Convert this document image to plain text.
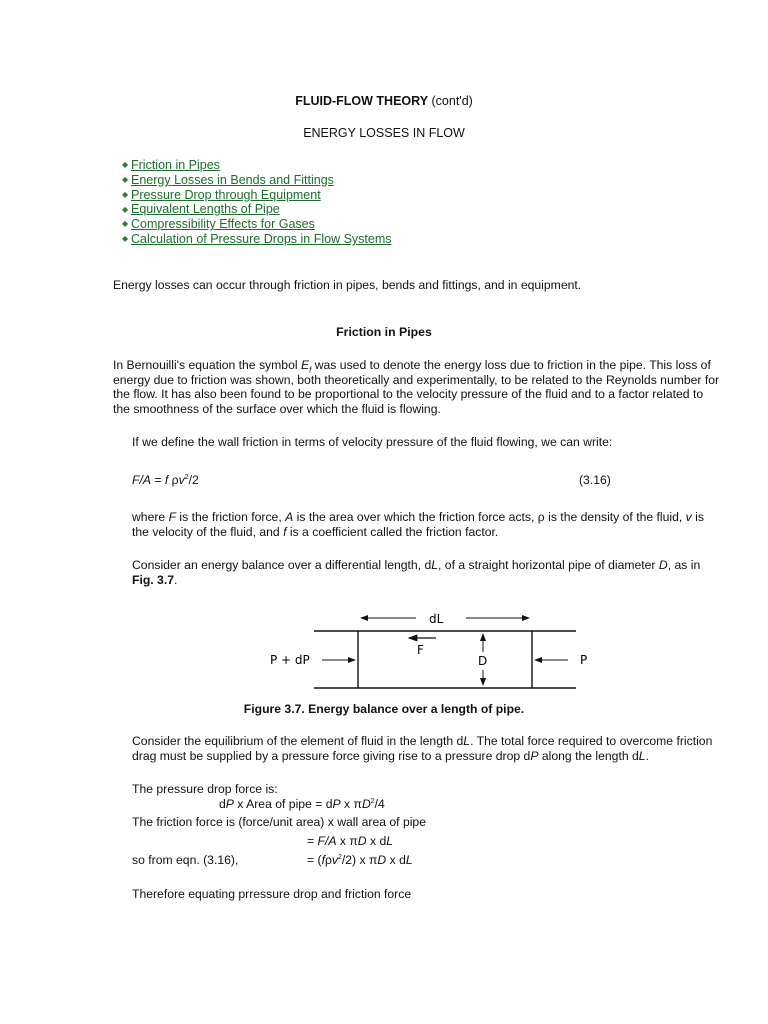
FLUID-FLOW THEORY (cont'd)
ENERGY LOSSES IN FLOW
◆ Friction in Pipes
◆ Energy Losses in Bends and Fittings
◆ Pressure Drop through Equipment
◆ Equivalent Lengths of Pipe
◆ Compressibility Effects for Gases
◆ Calculation of Pressure Drops in Flow Systems
Energy losses can occur through friction in pipes, bends and fittings, and in equipment.
Friction in Pipes
In Bernouilli's equation the symbol $E_f$ was used to denote the energy loss due to friction in the pipe. This loss of energy due to friction was shown, both theoretically and experimentally, to be related to the Reynolds number for the flow. It has also been found to be proportional to the velocity pressure of the fluid and to a factor related to the smoothness of the surface over which the fluid is flowing.
If we define the wall friction in terms of velocity pressure of the fluid flowing, we can write:
F/A = f $\rho v^2/2$	(3.16)
where F is the friction force, A is the area over which the friction force acts, ρ is the density of the fluid, v is the velocity of the fluid, and f is a coefficient called the friction factor.
Consider an energy balance over a differential length, dL, of a straight horizontal pipe of diameter D, as in Fig. 3.7.
dL
P + dP	P
F
D
Figure 3.7. Energy balance over a length of pipe.
Consider the equilibrium of the element of fluid in the length dL. The total force required to overcome friction drag must be supplied by a pressure force giving rise to a pressure drop dP along the length dL.
The pressure drop force is:
dP x Area of pipe = dP x $\pi D^2/4$
The friction force is (force/unit area) x wall area of pipe
= F/A x πD x dL
so from eqn. (3.16),	= (fρv$^2$/2) x πD x dL
Therefore equating prressure drop and friction force
